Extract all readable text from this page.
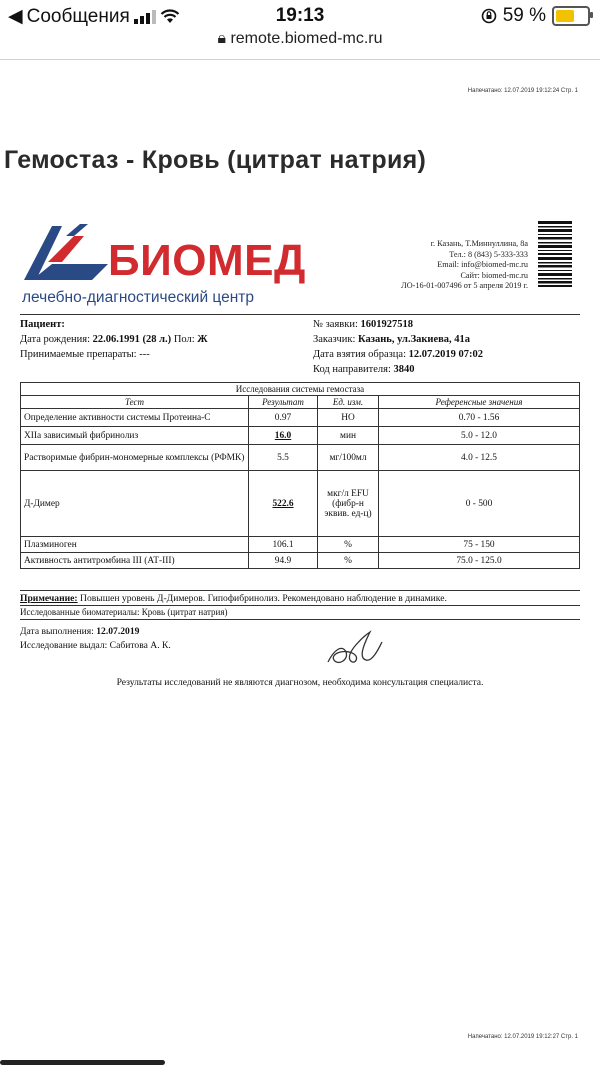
◀ Сообщения	19:13	59 %
🔒︎ remote.biomed-mc.ru
Напечатано: 12.07.2019 19:12:24 Стр. 1
Гемостаз - Кровь (цитрат натрия)
БИОМЕД
лечебно-диагностический центр
г. Казань, Т.Миннуллина, 8а
Тел.: 8 (843) 5-333-333
Email: info@biomed-mc.ru
Сайт: biomed-mc.ru
ЛО-16-01-007496 от 5 апреля 2019 г.
Пациент:
Дата рождения: 22.06.1991 (28 л.) Пол: Ж
Принимаемые препараты: ---
№ заявки: 1601927518
Заказчик: Казань, ул.Закиева, 41а
Дата взятия образца: 12.07.2019 07:02
Код направителя: 3840
Исследования системы гемостаза			
Тест	Результат	Ед. изм.	Референсные значения
Определение активности системы Протеина-С	0.97	НО	0.70 - 1.56
XIIа зависимый фибринолиз	16.0	мин	5.0 - 12.0
Растворимые фибрин-мономерные комплексы (РФМК)	5.5	мг/100мл	4.0 - 12.5
Д-Димер	522.6	мкг/л EFU (фибр-н эквив. ед-ц)	0 - 500
Плазминоген	106.1	%	75 - 150
Активность антитромбина III (АТ-III)	94.9	%	75.0 - 125.0
Примечание: Повышен уровень Д-Димеров. Гипофибринолиз. Рекомендовано наблюдение в динамике.
Исследованные биоматериалы: Кровь (цитрат натрия)
Дата выполнения: 12.07.2019
Исследование выдал: Сабитова А. К.
Результаты исследований не являются диагнозом, необходима консультация специалиста.
Напечатано: 12.07.2019 19:12:27 Стр. 1
